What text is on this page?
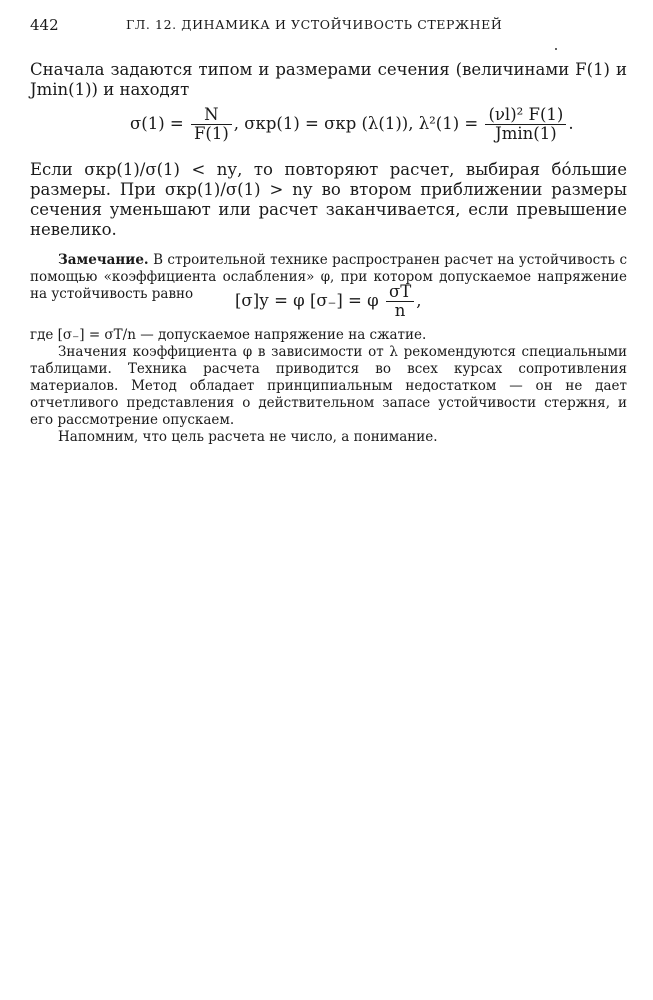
442	ГЛ. 12. ДИНАМИКА И УСТОЙЧИВОСТЬ СТЕРЖНЕЙ

Сначала задаются типом и размерами сечения (величинами F(1) и Jmin(1)) и находят

$\sigma(1) = \frac{N}{F(1)}$ , σкр(1) = σкр (λ(1)), $\lambda^2(1) = \frac{\text{(νl)² F(1)}}{Jmin(1)}$ .

Если σкр(1)/σ(1) < nу, то повторяют расчет, выбирая бо́льшие размеры. При σкр(1)/σ(1) > nу во втором приближении размеры сечения уменьшают или расчет заканчивается, если превышение невелико.

Замечание. В строительной технике распространен расчет на устойчивость с помощью «коэффициента ослабления» φ, при котором допускаемое напряжение на устойчивость равно	[σ]у = φ [σ₋] = φ $\frac{\sigma T}{n}$ ,
где [σ₋] = σT/n — допускаемое напряжение на сжатие.
Значения коэффициента φ в зависимости от λ рекомендуются специальными таблицами. Техника расчета приводится во всех курсах сопротивления материалов. Метод обладает принципиальным недостатком — он не дает отчетливого представления о действительном запасе устойчивости стержня, и его рассмотрение опускаем.
Напомним, что цель расчета не число, а понимание.
